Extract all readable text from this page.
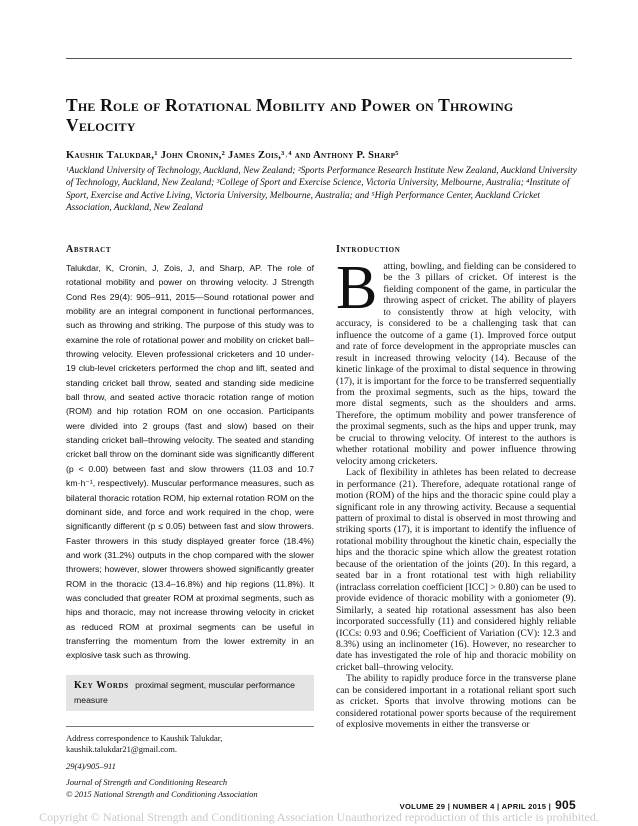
The Role of Rotational Mobility and Power on Throwing Velocity

Kaushik Talukdar,¹ John Cronin,² James Zois,³˒⁴ and Anthony P. Sharp⁵

¹Auckland University of Technology, Auckland, New Zealand; ²Sports Performance Research Institute New Zealand, Auckland University of Technology, Auckland, New Zealand; ³College of Sport and Exercise Science, Victoria University, Melbourne, Australia; ⁴Institute of Sport, Exercise and Active Living, Victoria University, Melbourne, Australia; and ⁵High Performance Center, Auckland Cricket Association, Auckland, New Zealand

Abstract

Talukdar, K, Cronin, J, Zois, J, and Sharp, AP. The role of rotational mobility and power on throwing velocity. J Strength Cond Res 29(4): 905–911, 2015—Sound rotational power and mobility are an integral component in functional performances, such as throwing and striking. The purpose of this study was to examine the role of rotational power and mobility on cricket ball–throwing velocity. Eleven professional cricketers and 10 under-19 club-level cricketers performed the chop and lift, seated and standing cricket ball throw, seated and standing side medicine ball throw, and seated active thoracic rotation range of motion (ROM) and hip rotation ROM on one occasion. Participants were divided into 2 groups (fast and slow) based on their standing cricket ball–throwing velocity. The seated and standing cricket ball throw on the dominant side was significantly different (p < 0.00) between fast and slow throwers (11.03 and 10.7 km·h⁻¹, respectively). Muscular performance measures, such as bilateral thoracic rotation ROM, hip external rotation ROM on the dominant side, and force and work required in the chop, were significantly different (p ≤ 0.05) between fast and slow throwers. Faster throwers in this study displayed greater force (18.4%) and work (31.2%) outputs in the chop compared with the slower throwers; however, slower throwers showed significantly greater ROM in the thoracic (13.4–16.8%) and hip regions (11.8%). It was concluded that greater ROM at proximal segments, such as hips and thoracic, may not increase throwing velocity in cricket as reduced ROM at proximal segments can be useful in transferring the momentum from the lower extremity in an explosive task such as throwing.

Key Words proximal segment, muscular performance measure

Address correspondence to Kaushik Talukdar, kaushik.talukdar21@gmail.com.

29(4)/905–911

Journal of Strength and Conditioning Research
© 2015 National Strength and Conditioning Association

Introduction
B atting, bowling, and fielding can be considered to be the 3 pillars of cricket. Of interest is the fielding component of the game, in particular the throwing aspect of cricket. The ability of players to consistently throw at high velocity, with accuracy, is considered to be a challenging task that can influence the outcome of a game (1). Improved force output and rate of force development in the appropriate muscles can result in increased throwing velocity (14). Because of the kinetic linkage of the proximal to distal sequence in throwing (17), it is important for the force to be transferred sequentially from the proximal segments, such as the hips, toward the more distal segments, such as the shoulders and arms. Therefore, the optimum mobility and power transference of the proximal segments, such as the hips and upper trunk, may be crucial to throwing velocity. Of interest to the authors is whether rotational mobility and power influence throwing velocity among cricketers.

Lack of flexibility in athletes has been related to decrease in performance (21). Therefore, adequate rotational range of motion (ROM) of the hips and the thoracic spine could play a significant role in any throwing activity. Because a sequential pattern of proximal to distal is observed in most throwing and striking sports (17), it is important to identify the influence of rotational mobility throughout the kinetic chain, especially the hips and the thoracic spine which allow the greatest rotation because of the orientation of the joints (20). In this regard, a seated bar in a front rotational test with high reliability (intraclass correlation coefficient [ICC] > 0.80) can be used to provide evidence of thoracic mobility with a goniometer (9). Similarly, a seated hip rotational assessment has also been incorporated successfully (11) and considered highly reliable (ICCs: 0.93 and 0.96; Coefficient of Variation (CV): 12.3 and 8.3%) using an inclinometer (16). However, no researcher to date has investigated the role of hip and thoracic mobility on cricket ball–throwing velocity.

The ability to rapidly produce force in the transverse plane can be considered important in a rotational reliant sport such as cricket. Sports that involve throwing motions can be considered rotational power sports because of the requirement of explosive movements in either the transverse or

VOLUME 29 | NUMBER 4 | APRIL 2015 | 905
Copyright © National Strength and Conditioning Association Unauthorized reproduction of this article is prohibited.
